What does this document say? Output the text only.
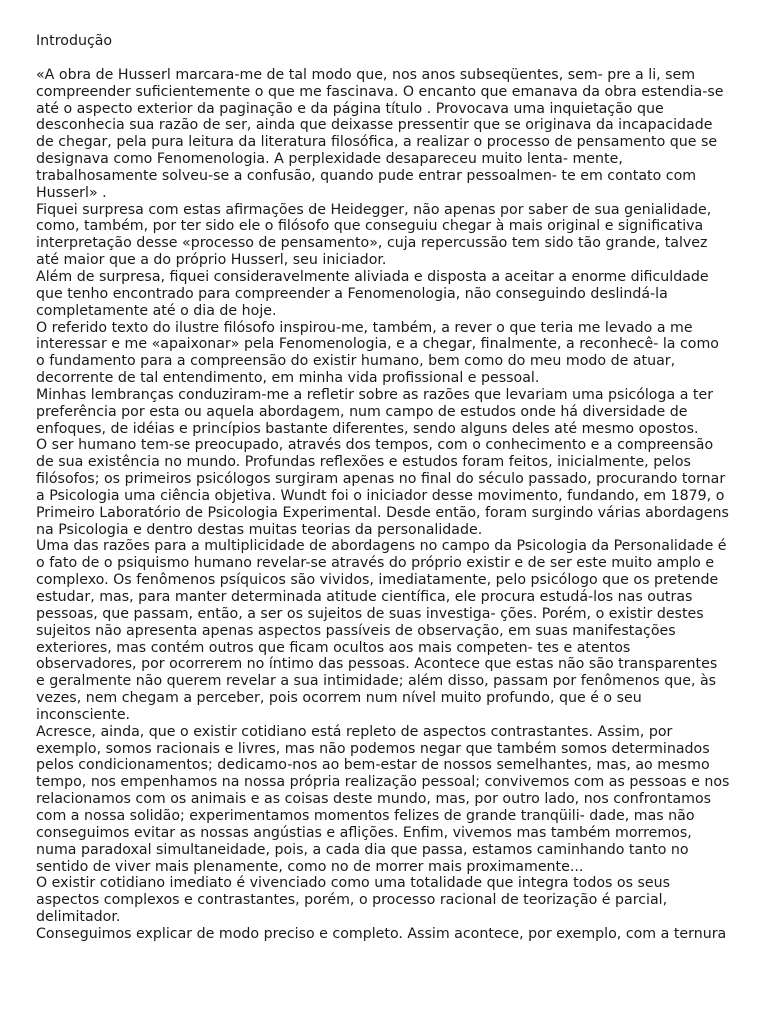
Introdução

«A obra de Husserl marcara-me de tal modo que, nos anos subseqüentes, sem- pre a li, sem
compreender suficientemente o que me fascinava. O encanto que emanava da obra estendia-se
até o aspecto exterior da paginação e da página título . Provocava uma inquietação que
desconhecia sua razão de ser, ainda que deixasse pressentir que se originava da incapacidade
de chegar, pela pura leitura da literatura filosófica, a realizar o processo de pensamento que se
designava como Fenomenologia. A perplexidade desapareceu muito lenta- mente,
trabalhosamente solveu-se a confusão, quando pude entrar pessoalmen- te em contato com
Husserl» .

Fiquei surpresa com estas afirmações de Heidegger, não apenas por saber de sua genialidade,
como, também, por ter sido ele o filósofo que conseguiu chegar à mais original e significativa
interpretação desse «processo de pensamento», cuja repercussão tem sido tão grande, talvez
até maior que a do próprio Husserl, seu iniciador.

Além de surpresa, fiquei consideravelmente aliviada e disposta a aceitar a enorme dificuldade
que tenho encontrado para compreender a Fenomenologia, não conseguindo deslindá-la
completamente até o dia de hoje.

O referido texto do ilustre filósofo inspirou-me, também, a rever o que teria me levado a me
interessar e me «apaixonar» pela Fenomenologia, e a chegar, finalmente, a reconhecê- la como
o fundamento para a compreensão do existir humano, bem como do meu modo de atuar,
decorrente de tal entendimento, em minha vida profissional e pessoal.

Minhas lembranças conduziram-me a refletir sobre as razões que levariam uma psicóloga a ter
preferência por esta ou aquela abordagem, num campo de estudos onde há diversidade de
enfoques, de idéias e princípios bastante diferentes, sendo alguns deles até mesmo opostos.

O ser humano tem-se preocupado, através dos tempos, com o conhecimento e a compreensão
de sua existência no mundo. Profundas reflexões e estudos foram feitos, inicialmente, pelos
filósofos; os primeiros psicólogos surgiram apenas no final do século passado, procurando tornar
a Psicologia uma ciência objetiva. Wundt foi o iniciador desse movimento, fundando, em 1879, o
Primeiro Laboratório de Psicologia Experimental. Desde então, foram surgindo várias abordagens
na Psicologia e dentro destas muitas teorias da personalidade.

Uma das razões para a multiplicidade de abordagens no campo da Psicologia da Personalidade é
o fato de o psiquismo humano revelar-se através do próprio existir e de ser este muito amplo e
complexo. Os fenômenos psíquicos são vividos, imediatamente, pelo psicólogo que os pretende
estudar, mas, para manter determinada atitude científica, ele procura estudá-los nas outras
pessoas, que passam, então, a ser os sujeitos de suas investiga- ções. Porém, o existir destes
sujeitos não apresenta apenas aspectos passíveis de observação, em suas manifestações
exteriores, mas contém outros que ficam ocultos aos mais competen- tes e atentos
observadores, por ocorrerem no íntimo das pessoas. Acontece que estas não são transparentes
e geralmente não querem revelar a sua intimidade; além disso, passam por fenômenos que, às
vezes, nem chegam a perceber, pois ocorrem num nível muito profundo, que é o seu
inconsciente.

Acresce, ainda, que o existir cotidiano está repleto de aspectos contrastantes. Assim, por
exemplo, somos racionais e livres, mas não podemos negar que também somos determinados
pelos condicionamentos; dedicamo-nos ao bem-estar de nossos semelhantes, mas, ao mesmo
tempo, nos empenhamos na nossa própria realização pessoal; convivemos com as pessoas e nos
relacionamos com os animais e as coisas deste mundo, mas, por outro lado, nos confrontamos
com a nossa solidão; experimentamos momentos felizes de grande tranqüili- dade, mas não
conseguimos evitar as nossas angústias e aflições. Enfim, vivemos mas também morremos,
numa paradoxal simultaneidade, pois, a cada dia que passa, estamos caminhando tanto no
sentido de viver mais plenamente, como no de morrer mais proximamente...

O existir cotidiano imediato é vivenciado como uma totalidade que integra todos os seus
aspectos complexos e contrastantes, porém, o processo racional de teorização é parcial,
delimitador.

Conseguimos explicar de modo preciso e completo. Assim acontece, por exemplo, com a ternura
